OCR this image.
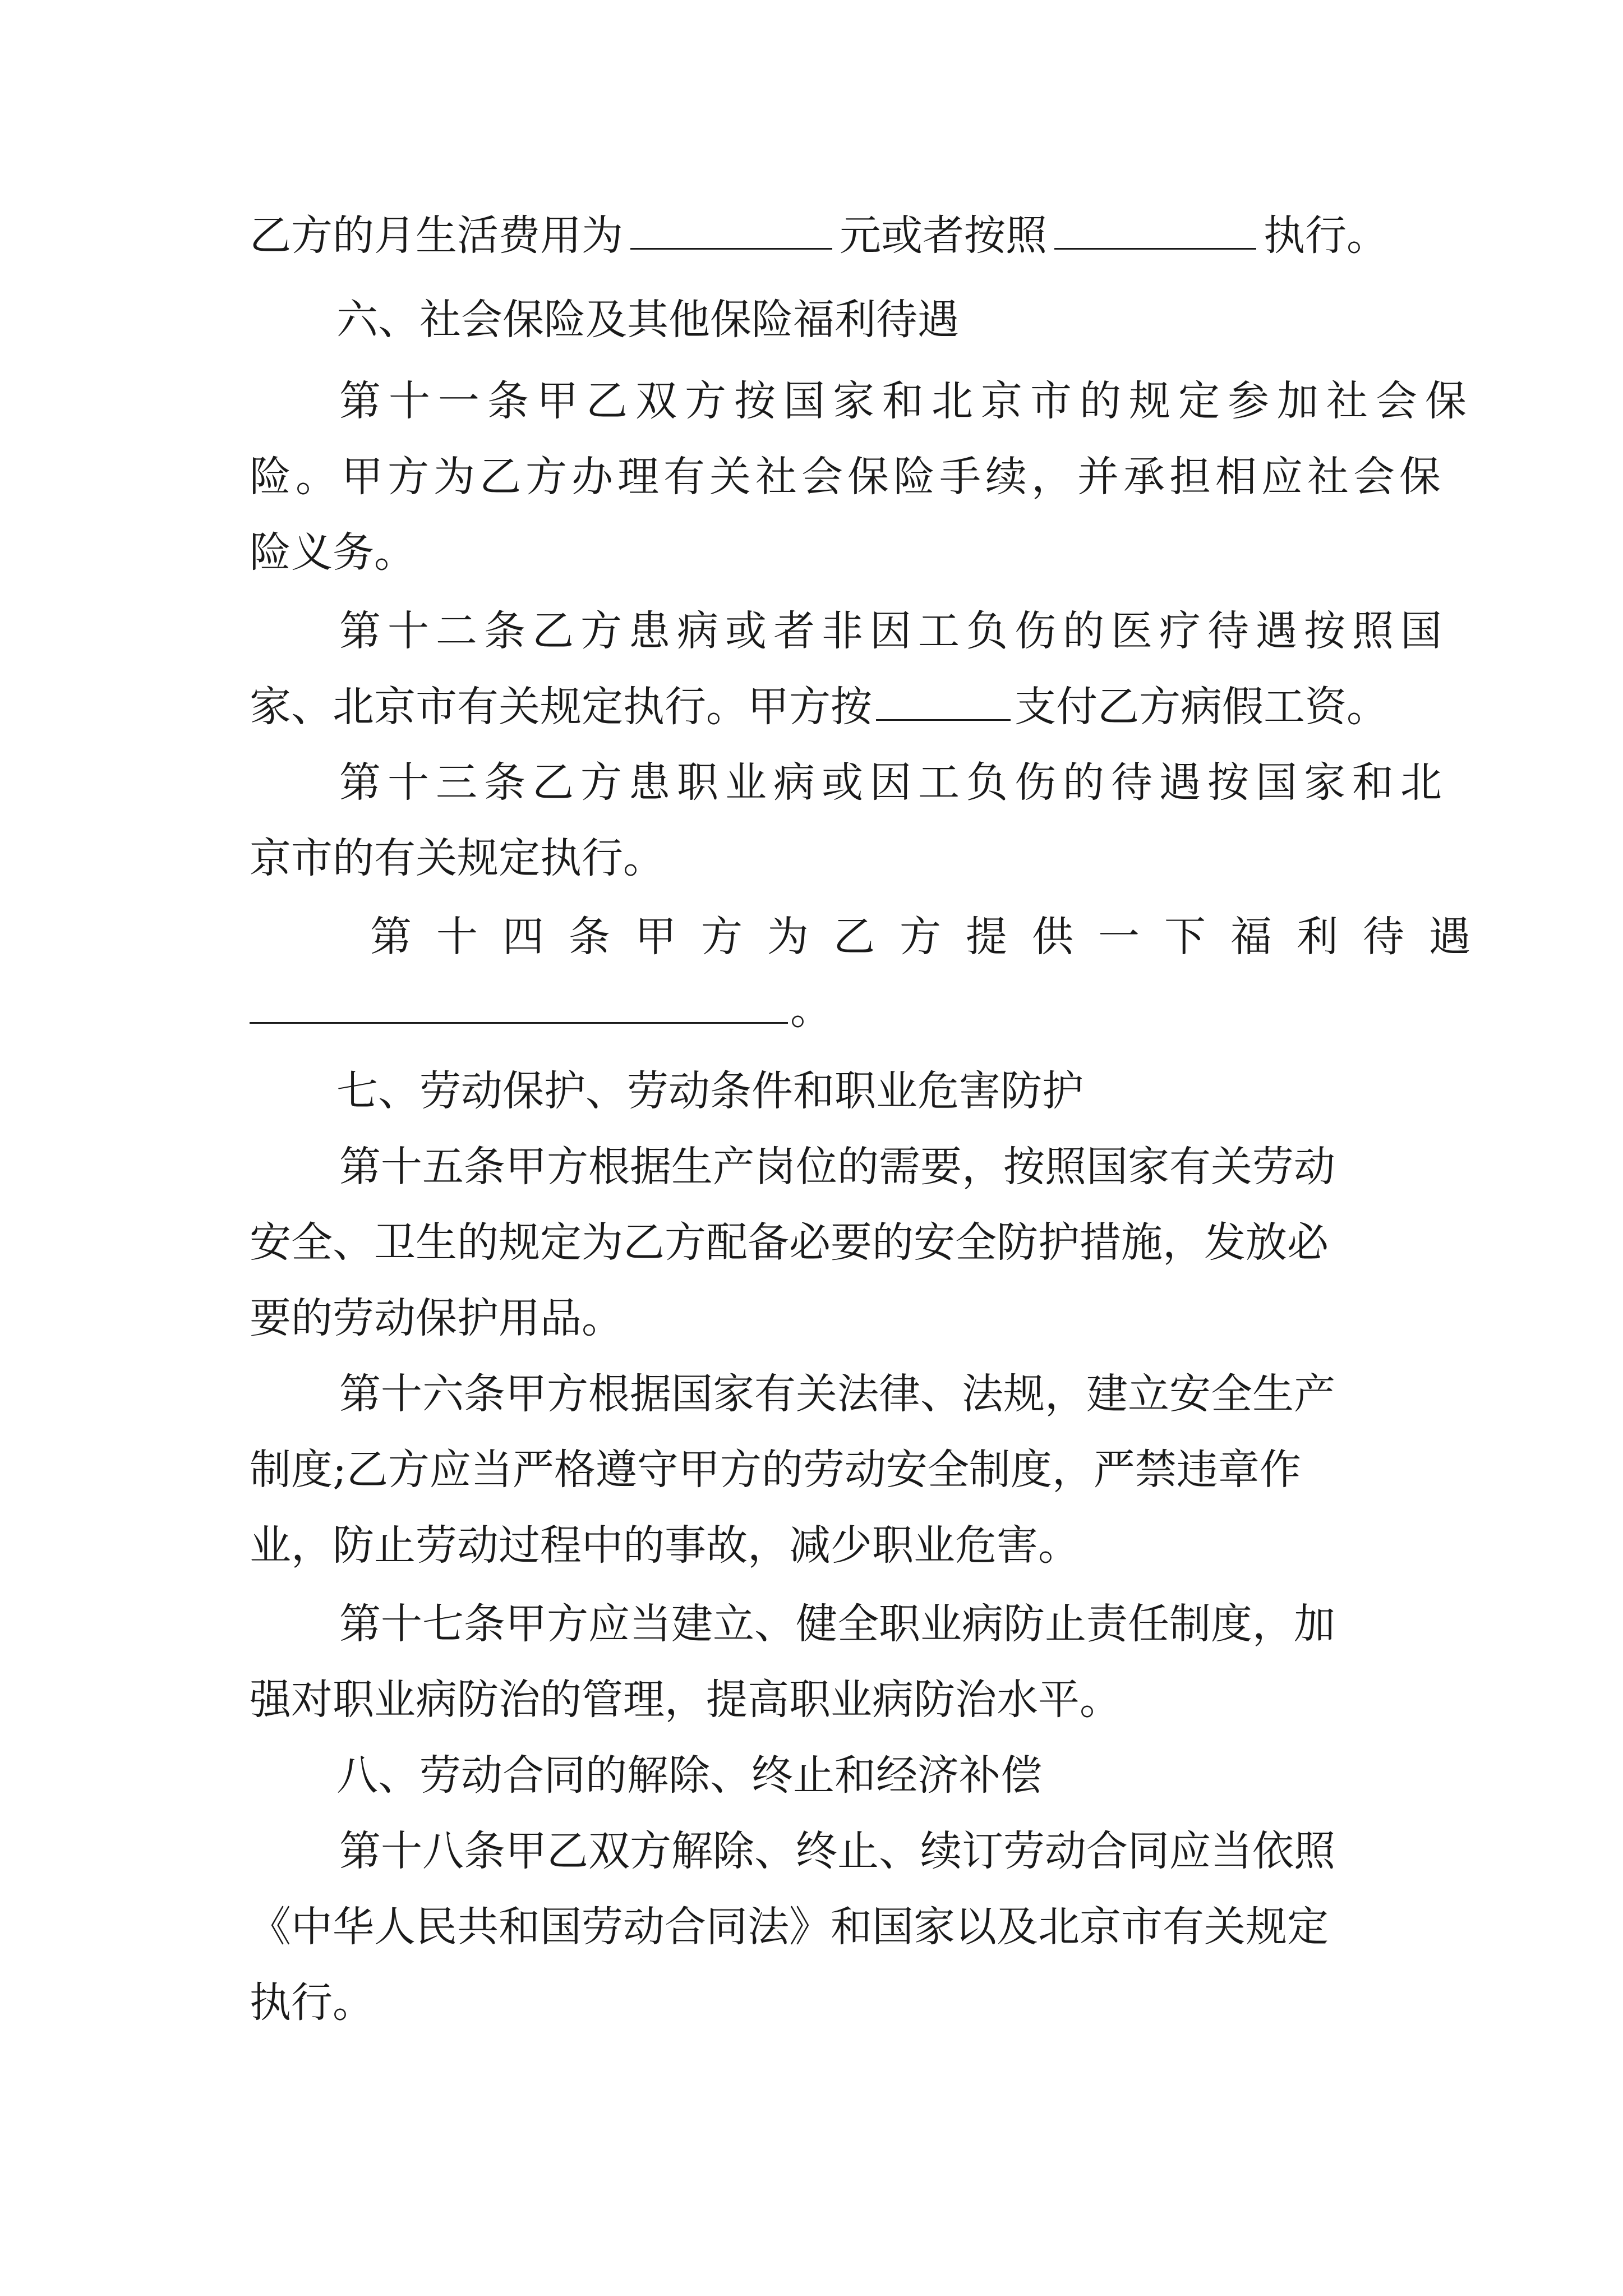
乙方的月生活费用为	元或者按照	执行。
六、社会保险及其他保险福利待遇
第十一条甲乙双方按国家和北京市的规定参加社会保
险。甲方为乙方办理有关社会保险手续，并承担相应社会保
险义务。
第十二条乙方患病或者非因工负伤的医疗待遇按照国
家、北京市有关规定执行。甲方按	支付乙方病假工资。
第十三条乙方患职业病或因工负伤的待遇按国家和北
京市的有关规定执行。
第十四条甲方为乙方提供一下福利待遇
。
七、劳动保护、劳动条件和职业危害防护
第十五条甲方根据生产岗位的需要，按照国家有关劳动
安全、卫生的规定为乙方配备必要的安全防护措施，发放必
要的劳动保护用品。
第十六条甲方根据国家有关法律、法规，建立安全生产
制度;乙方应当严格遵守甲方的劳动安全制度，严禁违章作
业，防止劳动过程中的事故，减少职业危害。
第十七条甲方应当建立、健全职业病防止责任制度，加
强对职业病防治的管理，提高职业病防治水平。
八、劳动合同的解除、终止和经济补偿
第十八条甲乙双方解除、终止、续订劳动合同应当依照
《中华人民共和国劳动合同法》和国家以及北京市有关规定
执行。
